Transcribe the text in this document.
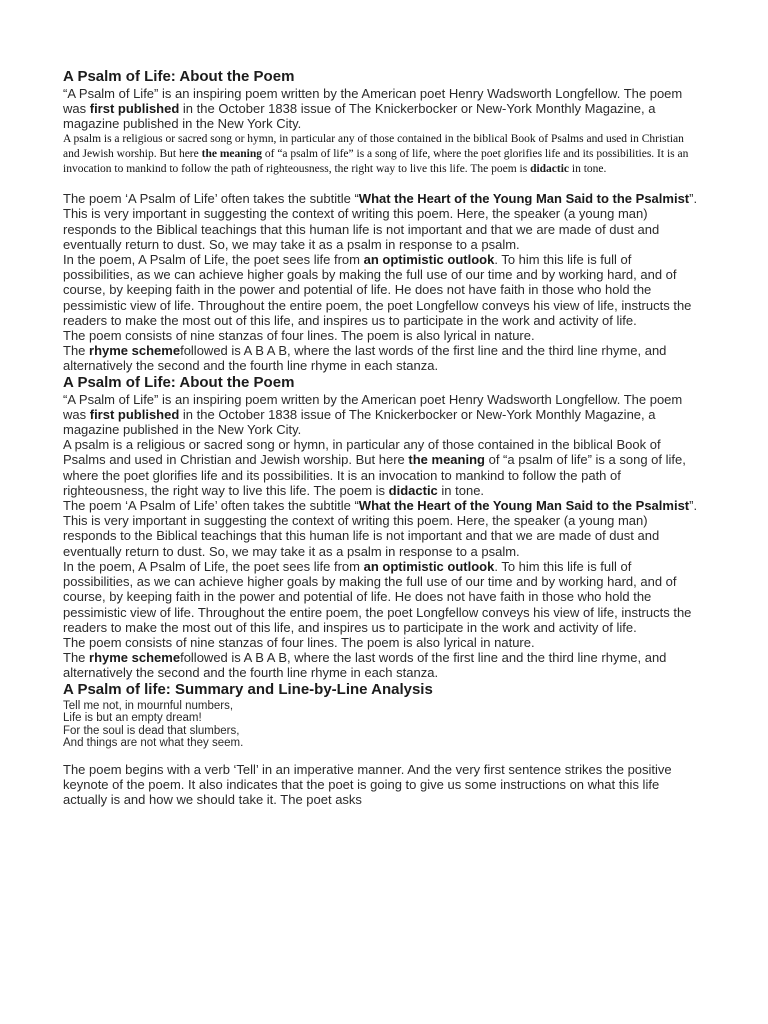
A Psalm of Life: About the Poem

“A Psalm of Life” is an inspiring poem written by the American poet Henry Wadsworth Longfellow. The poem was first published in the October 1838 issue of The Knickerbocker or New-York Monthly Magazine, a magazine published in the New York City.

A psalm is a religious or sacred song or hymn, in particular any of those contained in the biblical Book of Psalms and used in Christian and Jewish worship. But here the meaning of “a psalm of life” is a song of life, where the poet glorifies life and its possibilities. It is an invocation to mankind to follow the path of righteousness, the right way to live this life. The poem is didactic in tone.

The poem ‘A Psalm of Life’ often takes the subtitle “What the Heart of the Young Man Said to the Psalmist”. This is very important in suggesting the context of writing this poem. Here, the speaker (a young man) responds to the Biblical teachings that this human life is not important and that we are made of dust and eventually return to dust. So, we may take it as a psalm in response to a psalm.

In the poem, A Psalm of Life, the poet sees life from an optimistic outlook. To him this life is full of possibilities, as we can achieve higher goals by making the full use of our time and by working hard, and of course, by keeping faith in the power and potential of life. He does not have faith in those who hold the pessimistic view of life. Throughout the entire poem, the poet Longfellow conveys his view of life, instructs the readers to make the most out of this life, and inspires us to participate in the work and activity of life.

The poem consists of nine stanzas of four lines. The poem is also lyrical in nature.

The rhyme schemefollowed is A B A B, where the last words of the first line and the third line rhyme, and alternatively the second and the fourth line rhyme in each stanza.

A Psalm of Life: About the Poem

“A Psalm of Life” is an inspiring poem written by the American poet Henry Wadsworth Longfellow. The poem was first published in the October 1838 issue of The Knickerbocker or New-York Monthly Magazine, a magazine published in the New York City.

A psalm is a religious or sacred song or hymn, in particular any of those contained in the biblical Book of Psalms and used in Christian and Jewish worship. But here the meaning of “a psalm of life” is a song of life, where the poet glorifies life and its possibilities. It is an invocation to mankind to follow the path of righteousness, the right way to live this life. The poem is didactic in tone.

The poem ‘A Psalm of Life’ often takes the subtitle “What the Heart of the Young Man Said to the Psalmist”. This is very important in suggesting the context of writing this poem. Here, the speaker (a young man) responds to the Biblical teachings that this human life is not important and that we are made of dust and eventually return to dust. So, we may take it as a psalm in response to a psalm.

In the poem, A Psalm of Life, the poet sees life from an optimistic outlook. To him this life is full of possibilities, as we can achieve higher goals by making the full use of our time and by working hard, and of course, by keeping faith in the power and potential of life. He does not have faith in those who hold the pessimistic view of life. Throughout the entire poem, the poet Longfellow conveys his view of life, instructs the readers to make the most out of this life, and inspires us to participate in the work and activity of life.

The poem consists of nine stanzas of four lines. The poem is also lyrical in nature.

The rhyme schemefollowed is A B A B, where the last words of the first line and the third line rhyme, and alternatively the second and the fourth line rhyme in each stanza.

A Psalm of life: Summary and Line-by-Line Analysis
Tell me not, in mournful numbers,
Life is but an empty dream!
For the soul is dead that slumbers,
And things are not what they seem.

The poem begins with a verb ‘Tell’ in an imperative manner. And the very first sentence strikes the positive keynote of the poem. It also indicates that the poet is going to give us some instructions on what this life actually is and how we should take it. The poet asks
